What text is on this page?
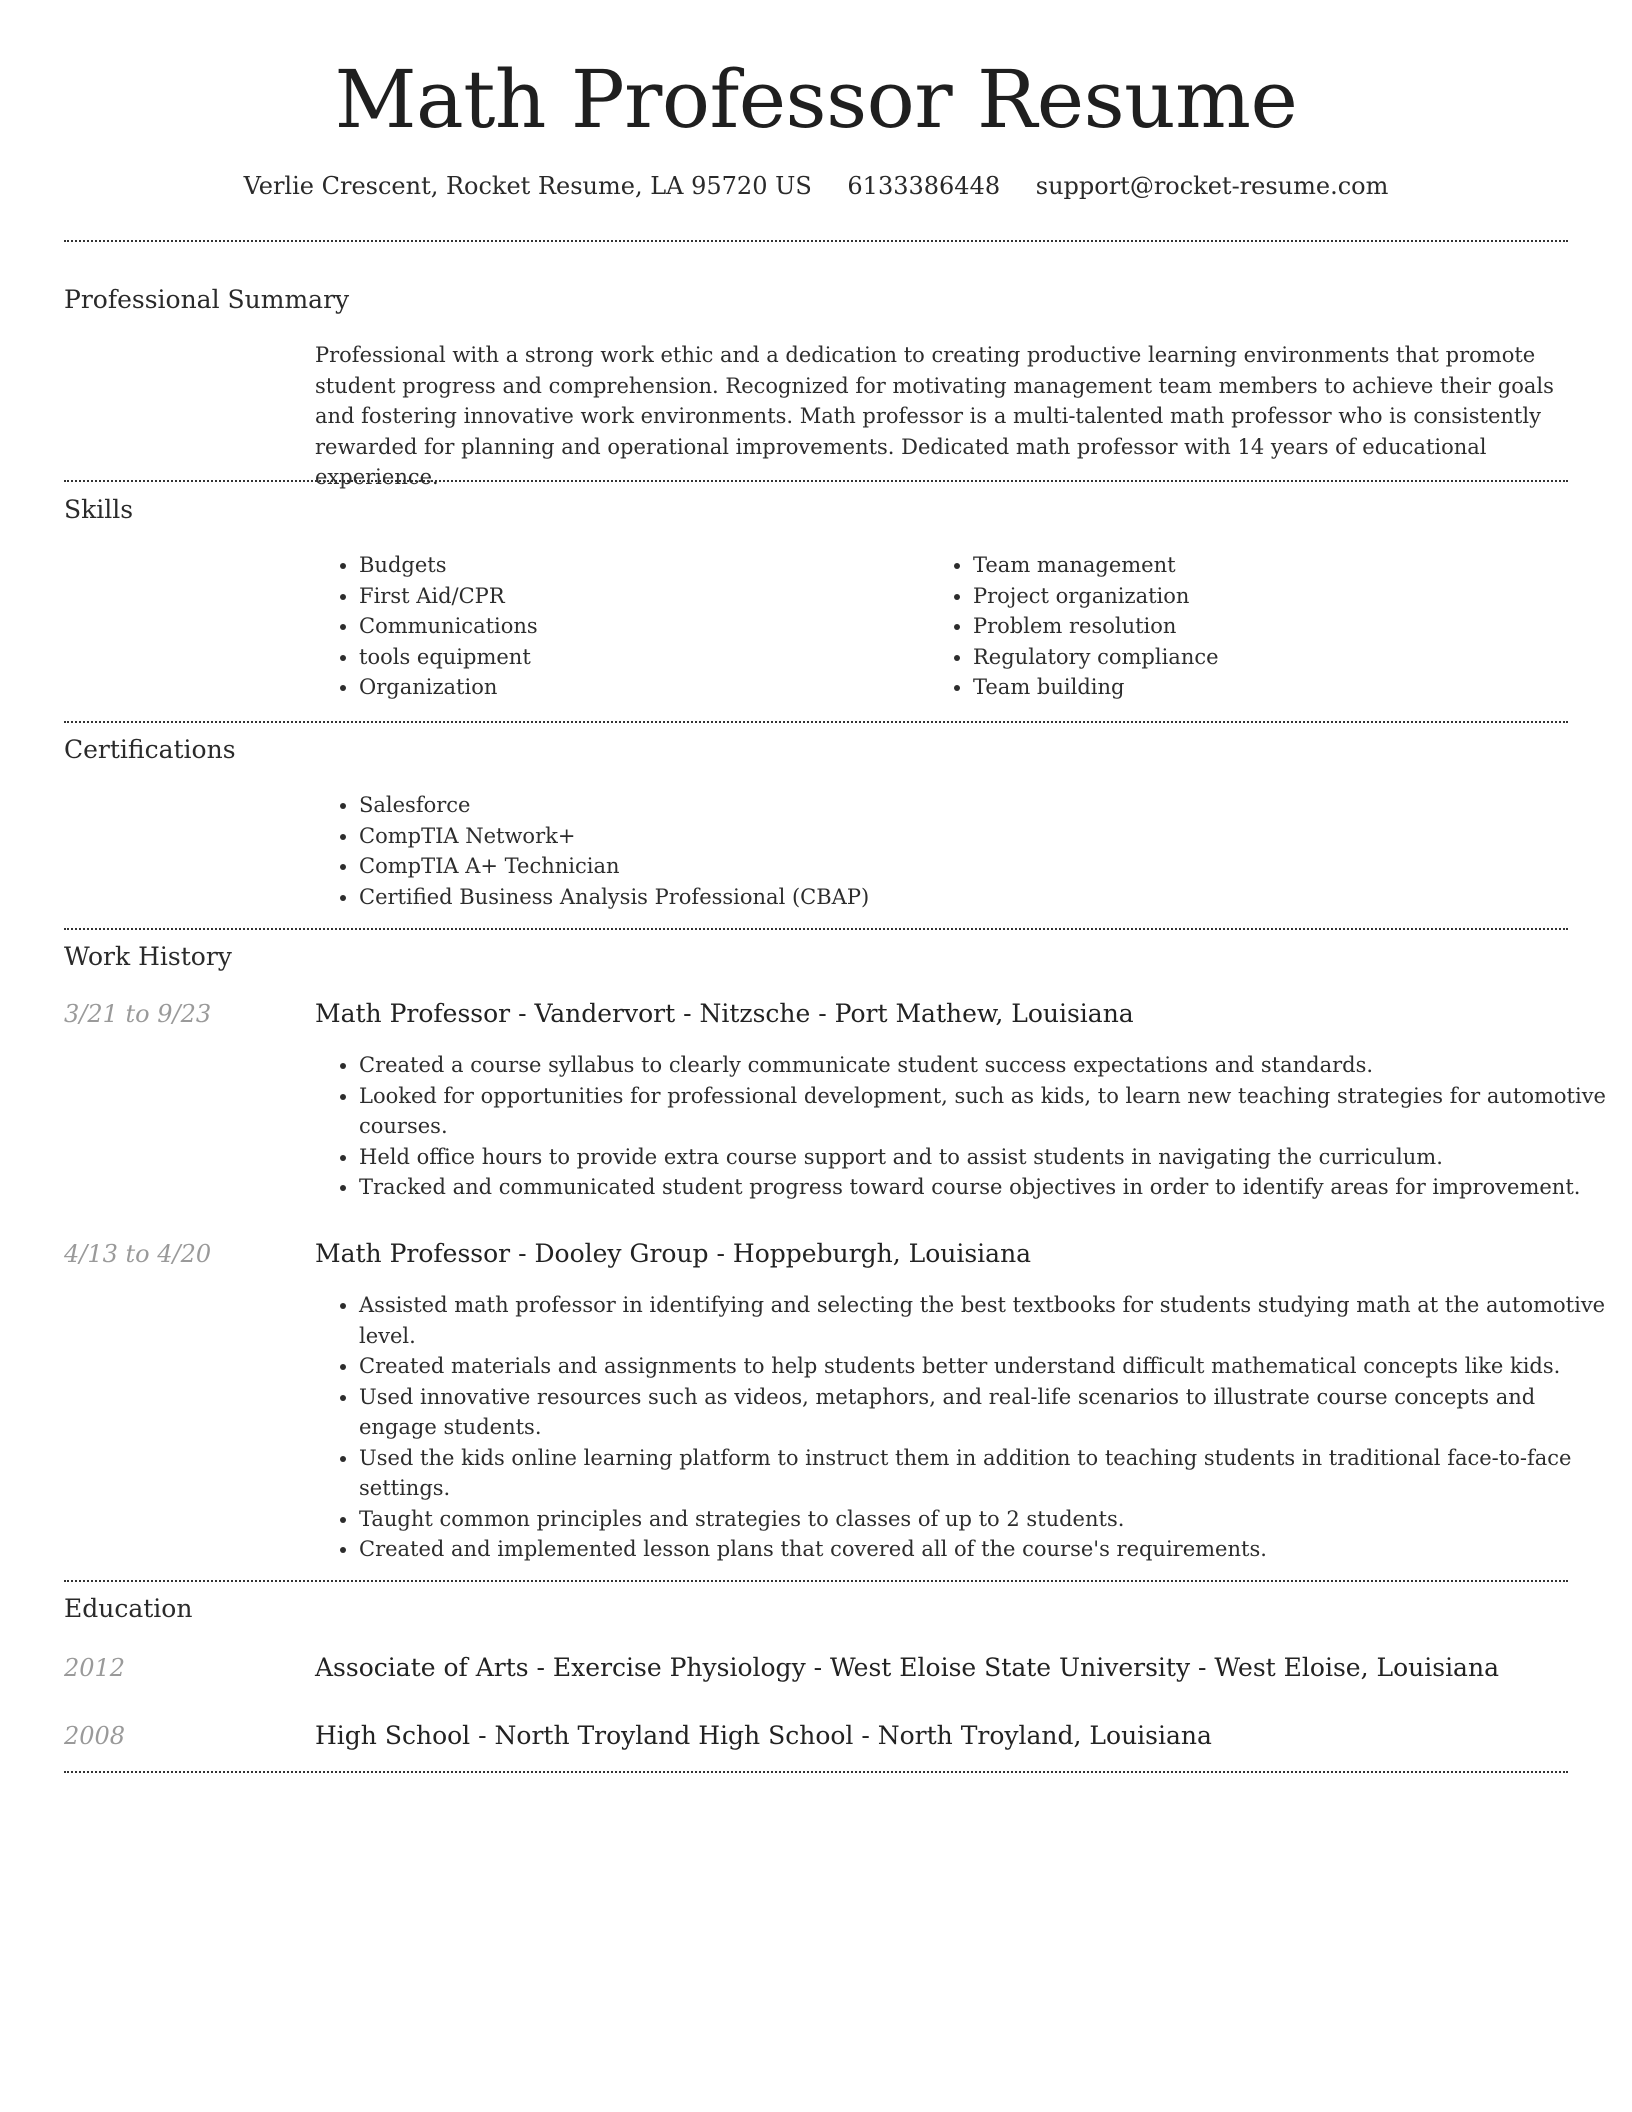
Math Professor Resume
Verlie Crescent, Rocket Resume, LA 95720 US 6133386448 support@rocket-resume.com
Professional Summary
Professional with a strong work ethic and a dedication to creating productive learning environments that promote student progress and comprehension. Recognized for motivating management team members to achieve their goals and fostering innovative work environments. Math professor is a multi-talented math professor who is consistently rewarded for planning and operational improvements. Dedicated math professor with 14 years of educational experience.
Skills
• Budgets
• First Aid/CPR
• Communications
• tools equipment
• Organization
• Team management
• Project organization
• Problem resolution
• Regulatory compliance
• Team building
Certifications
• Salesforce
• CompTIA Network+
• CompTIA A+ Technician
• Certified Business Analysis Professional (CBAP)
Work History
3/21 to 9/23	Math Professor - Vandervort - Nitzsche - Port Mathew, Louisiana
• Created a course syllabus to clearly communicate student success expectations and standards.
• Looked for opportunities for professional development, such as kids, to learn new teaching strategies for automotive courses.
• Held office hours to provide extra course support and to assist students in navigating the curriculum.
• Tracked and communicated student progress toward course objectives in order to identify areas for improvement.
4/13 to 4/20	Math Professor - Dooley Group - Hoppeburgh, Louisiana
• Assisted math professor in identifying and selecting the best textbooks for students studying math at the automotive level.
• Created materials and assignments to help students better understand difficult mathematical concepts like kids.
• Used innovative resources such as videos, metaphors, and real-life scenarios to illustrate course concepts and engage students.
• Used the kids online learning platform to instruct them in addition to teaching students in traditional face-to-face settings.
• Taught common principles and strategies to classes of up to 2 students.
• Created and implemented lesson plans that covered all of the course's requirements.
Education
2012	Associate of Arts - Exercise Physiology - West Eloise State University - West Eloise, Louisiana
2008	High School - North Troyland High School - North Troyland, Louisiana
